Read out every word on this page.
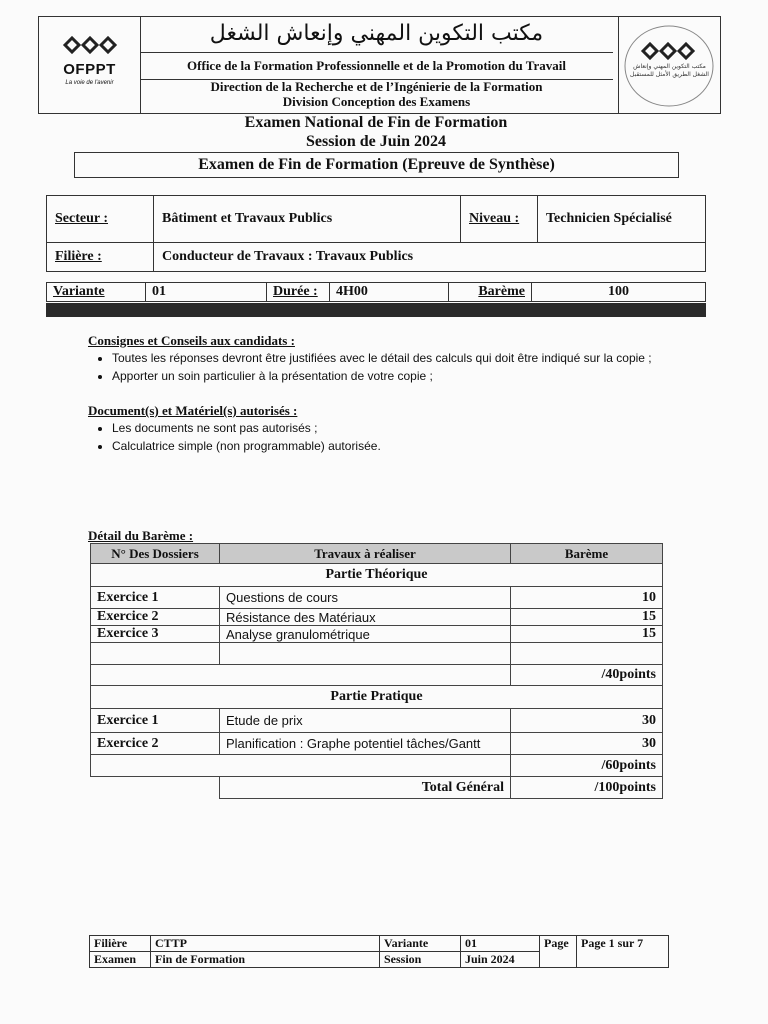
OFPPT
La voie de l'avenir
مكتب التكوين المهني وإنعاش الشغل الطريق الأمثل للمستقبل
مكتب التكوين المهني وإنعاش الشغل
Office de la Formation Professionnelle et de la Promotion du Travail
Direction de la Recherche et de l’Ingénierie de la Formation
Division Conception des Examens
Examen National de Fin de Formation
Session de Juin 2024
Examen de Fin de Formation (Epreuve de Synthèse)
Secteur :	Bâtiment et Travaux Publics	Niveau :	Technicien Spécialisé
Filière :	Conducteur de Travaux : Travaux Publics		
Variante	01	Durée :	4H00	Barème	100
Consignes et Conseils aux candidats :
• Toutes les réponses devront être justifiées avec le détail des calculs qui doit être indiqué sur la copie ;
• Apporter un soin particulier à la présentation de votre copie ;
Document(s) et Matériel(s) autorisés :
• Les documents ne sont pas autorisés ;
• Calculatrice simple (non programmable) autorisée.
Détail du Barème :
N° Des Dossiers	Travaux à réaliser	Barème
Partie Théorique		
Exercice 1	Questions de cours	10
Exercice 2	Résistance des Matériaux	15
Exercice 3	Analyse granulométrique	15

		/40points
Partie Pratique		
Exercice 1	Etude de prix	30
Exercice 2	Planification : Graphe potentiel tâches/Gantt	30
		/60points
	Total Général	/100points
Filière	CTTP	Variante	01	Page	Page 1 sur 7
Examen	Fin de Formation	Session	Juin 2024		
